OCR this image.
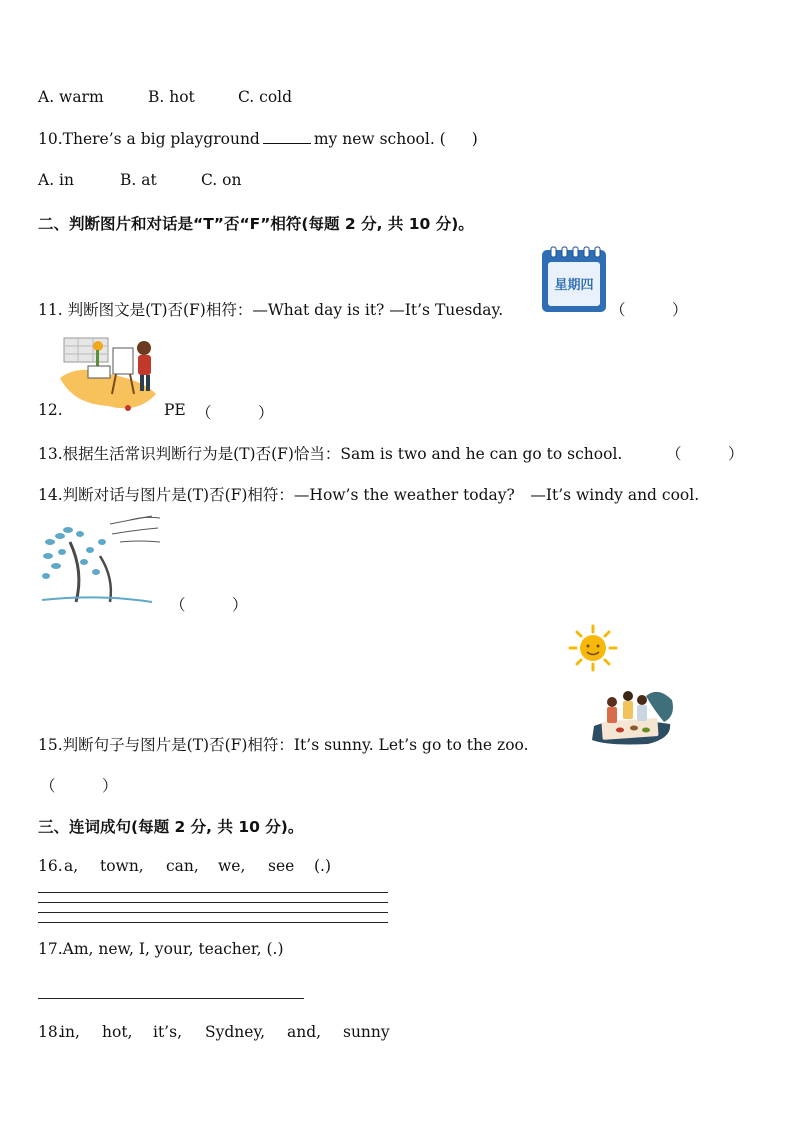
A. warm	B. hot	C. cold
10.There’s a big playground	my new school. ( )
A. in	B. at	C. on
二、判断图片和对话是“T”否“F”相符(每题 2 分, 共 10 分)。
星期四
11. 判断图文是(T)否(F)相符：—What day is it? —It’s Tuesday.	（　　　）
12.	PE （　　　）
13.根据生活常识判断行为是(T)否(F)恰当：Sam is two and he can go to school.	（　　　）
14.判断对话与图片是(T)否(F)相符：—How’s the weather today?　—It’s windy and cool.
（　　　）
15.判断句子与图片是(T)否(F)相符：It’s sunny. Let’s go to the zoo.
（　　　）
三、连词成句(每题 2 分, 共 10 分)。
16.a, town, can, we, see (.)
17.Am, new, I, your, teacher, (.)
18.in, hot, it’s, Sydney, and, sunny
